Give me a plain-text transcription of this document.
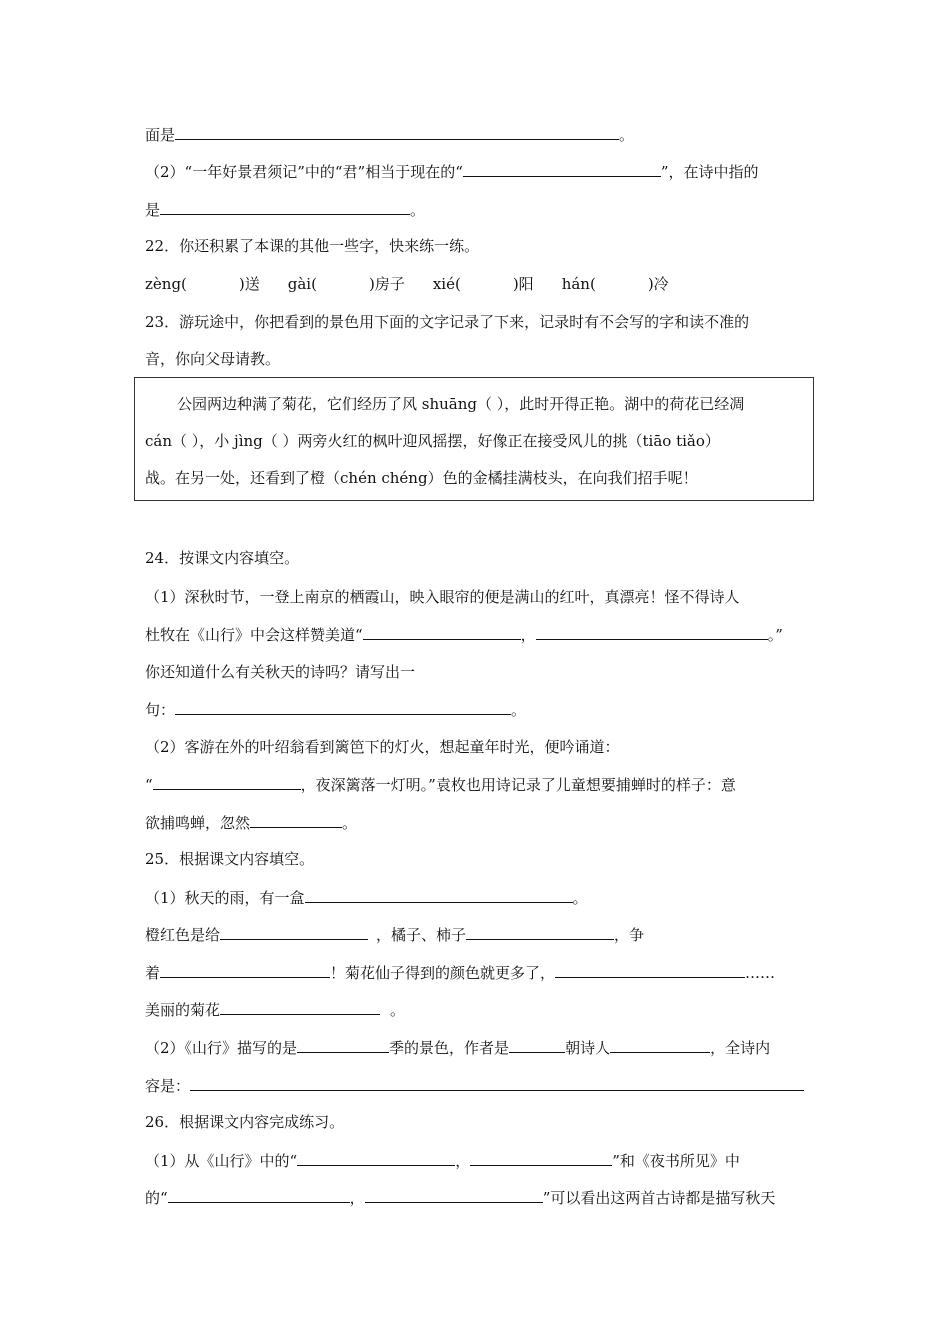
面是	。
（2）“一年好景君须记”中的“君”相当于现在的“	”，在诗中指的
是	。
22．你还积累了本课的其他一些字，快来练一练。
zèng(	)送 gài(	)房子 xié(	)阳 hán(	)冷
23．游玩途中，你把看到的景色用下面的文字记录了下来，记录时有不会写的字和读不准的
音，你向父母请教。
公园两边种满了菊花，它们经历了风 shuāng（ ），此时开得正艳。湖中的荷花已经凋
cán（ ），小 jìng（ ）两旁火红的枫叶迎风摇摆，好像正在接受风儿的挑（tiāo tiǎo）
战。在另一处，还看到了橙（chén chéng）色的金橘挂满枝头，在向我们招手呢！
24．按课文内容填空。
（1）深秋时节，一登上南京的栖霞山，映入眼帘的便是满山的红叶，真漂亮！怪不得诗人
杜牧在《山行》中会这样赞美道“	，	。”
你还知道什么有关秋天的诗吗？请写出一
句：	。
（2）客游在外的叶绍翁看到篱笆下的灯火，想起童年时光，便吟诵道：
“	，夜深篱落一灯明。”袁枚也用诗记录了儿童想要捕蝉时的样子：意
欲捕鸣蝉，忽然	。
25．根据课文内容填空。
（1）秋天的雨，有一盒	。
橙红色是给	，橘子、柿子	，争
着	！菊花仙子得到的颜色就更多了，	……
美丽的菊花	。
（2）《山行》描写的是	季的景色，作者是	朝诗人	，全诗内
容是：
26．根据课文内容完成练习。
（1）从《山行》中的“	，	”和《夜书所见》中
的“	，	”可以看出这两首古诗都是描写秋天
